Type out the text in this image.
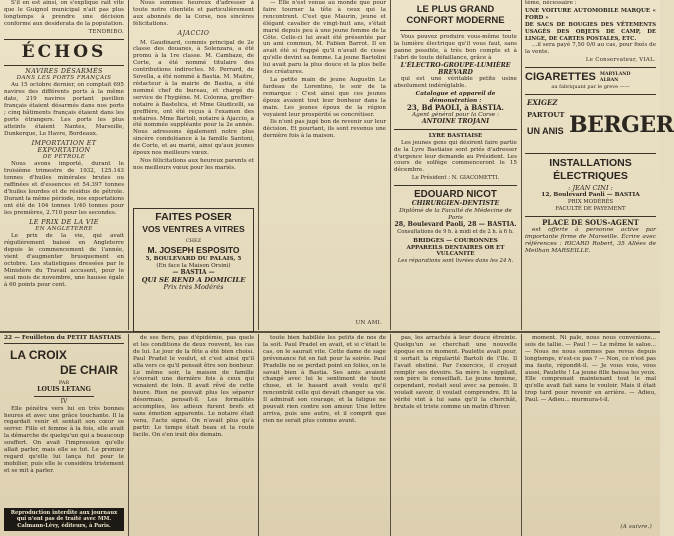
S'il en est ainsi, on s'explique rait vite que le Guignol municipal n'ait pas plus longtemps à prendre une décision conforme aux desiderata de la population.

TENDRIBO.
ÉCHOS
NAVIRES DÉSARMÉS
DANS LES PORTS FRANÇAIS

Au 15 octobre dernier, on comptait 695 navires des différents ports à la même date, 219 navires portant pavillon français étaient désarmés dans nos ports ; cinq bâtiments français étaient dans les ports étrangers. Les ports les plus atteints étaient Nantes, Marseille, Dunkerque, Le Havre, Bordeaux.

IMPORTATION ET EXPORTATION
DE PÉTROLE

Nous avons importé, durant le troisième trimestre de 1932, 125.143 tonnes d'huiles minérales brutes ou raffinées et d'essences et 54.397 tonnes d'huiles lourdes et de résidus de pétrole. Durant la même période, nos exportations ont été de 104 tonnes 1/40 tonnes pour les premières, 2.710 pour les secondes.

LE PRIX DE LA VIE
EN ANGLETERRE

Le prix de la vie, qui avait régulièrement baissé en Angleterre depuis le commencement de l'année, vient d'augmenter brusquement en octobre. Les statistiques dressées par le Ministère du Travail accusent, pour le seul mois de novembre, une hausse égale à 60 points pour cent.

Nous sommes heureux d'adresser à toute notre clientèle et particulièrement aux abonnés de la Corse, nos sincères félicitations.

AJACCIO

M. Gaudinard, commis principal de 2e classe des douanes, à Solenzara, a été promu à la 1re classe. M. Cambaze, de Corte, a été nommé titulaire des contributions indirectes. M. Perrard, de Sovella, a été nommé à Bastia. M. Maitre, rédacteur à la mairie de Bastia, a été nommé chef du bureau, et chargé du service de l'hygiène. M. Colonna, greffier-notaire à Bastelica, et Mme Giudicelli, sa greffière, ont été reçus à l'examen des notaires. Mme Bartoli, notaire à Ajaccio, a été nommée suppléante pour la 2e année. Nous adressons également notre plus sincère condoléance à la famille Santoni, de Corte, et au marié, ainsi qu'aux jeunes époux nos meilleurs vœux.

Nos félicitations aux heureux parents et nos meilleurs vœux pour les mariés.

FAITES POSER
VOS VENTRES A VITRES
CHEZ
M. JOSEPH ESPOSITO
5, BOULEVARD DU PALAIS, 5
(En face la Maison Orsini)
— BASTIA —
QUI SE REND A DOMICILE
Prix très Modérés

— Elle n'est venue au monde que pour faire tourner la tête à ceux qui la rencontrent. C'est que Maurin, jeune et élégant cavalier de vingt-huit ans, s'était marié depuis peu à une jeune femme de la Côte. Celle-ci lui avait été présentée par un ami commun, M. Fabien Barrot. Il en avait été si frappé qu'il n'avait de cesse qu'elle devint sa femme. La jeune Bartolini lui avait paru la plus douce et la plus belle des créatures.

La petite main de jeune Augustin Le fardeau de Lorentino, le soir de la remarque : C'est ainsi que ces jeunes époux avaient tout leur bonheur dans la main. Les jeunes époux de la région voyaient leur prospérité se concrétiser.

Ils n'ont pas jugé bon de revenir sur leur décision. Et pourtant, ils sont revenus une dernière fois à la maison.

UN AMI.
LE PLUS GRAND
CONFORT MODERNE

Vous pouvez produire vous-même toute la lumière électrique qu'il vous faut, sans panne possible, à très bon compte et à l'abri de toute défaillance, grâce à

L'ÉLECTRO-GROUPE-LUMIÈRE BREVARD

qui est une véritable petite usine absolument indéréglable.

Catalogue et appareil de démonstration :
23, Bd PAOLI, à BASTIA.
Agent général pour la Corse :
ANTOINE TROJANI
LYRE BASTIAISE

Les jeunes gens qui désirent faire partie de la Lyre Bastiaise sont priés d'adresser d'urgence leur demande au Président. Les cours de solfège commenceront le 15 décembre.

Le Président : N. GIACOMETTI.
EDOUARD NICOT
CHIRURGIEN-DENTISTE
Diplômé de la Faculté de Médecine de Paris
28, Boulevard Paoli, 28 — BASTIA.
Consultations de 9 h. à midi et de 2 h. à 6 h.
BRIDGES — COURONNES
APPAREILS DENTAIRES OR ET VULCANITE
Les réparations sont livrées dans les 24 h.

tème, nécessaire :

UNE VOITURE AUTOMOBILE MARQUE « FORD »
DE SACS DE BOUGIES DES VÊTEMENTS USAGÉS DES OBJETS DE CAMP, DE LINGE, DE CARTES POSTALES, ETC.

...il sera payé 7,50 0/0 au cas, pour fixés de la vente.

Le Conservateur, VIAL.
CIGARETTES MARYLAND
ALBAN
au fabriquant par le greve ——
EXIGEZ
PARTOUT
UN ANIS BERGER
INSTALLATIONS
ÉLECTRIQUES
: JEAN CINI :
12, Boulevard Paoli — BASTIA
PRIX MODÉRÉS
FACULTÉ DE PAYEMENT
PLACE DE SOUS-AGENT

est offerte à personne active par importante firme de Marseille. Écrire avec références : RICARD Robert, 35 Allées de Meilhan MARSEILLE.

22 — Feuilleton du PETIT BASTIAIS
LA CROIX
DE CHAIR
PAR
LOUIS LETANG
IV

Elle pénétra vers lui en très bonnes heures et avec une grâce touchante. Il la regardait venir et sentait son cœur se serrer. Fille et femme à la fois, elle avait la démarche de quelqu'un qui a beaucoup souffert. On avait l'impression qu'elle allait parler, mais elle se tut. Le premier regard qu'elle lui lança fut pour le mobilier, puis elle le considéra tristement et se mit à parler.

Reproduction interdite aux journaux qui n'ont pas de traité avec MM. Calmann-Lévy, éditeurs, à Paris.

de ses fiers, pas d'épidémie, pas quels et les conditions de deux rouvent, les cas de lui. Le jour de la fête a été bien choisi. Paul Pradel le voulut, et c'est ainsi qu'il alla vers ce qu'il pensait être son bonheur. Le même soir, la maison de famille s'ouvrait une dernière fois à ceux qui venaient de loin. Il avait rêvé de cette heure. Rien ne pouvait plus les séparer désormais, pensait-il. Les formalités accomplies, les adieux furent brefs et sans émotion apparente. Le notaire était venu, l'acte signé. On n'avait plus qu'à partir. Le temps était beau et la route facile. On s'en irait dès demain.

toute bien habillée les petits de nos de la soit. Paul Pradel en avait, et si c'était le cas, on le saurait vite. Cette dame de sage prévenance fut en fait pour la soirée. Paul Pradelle ne se perdait point en folies, on le savait bien à Bastia. Ses amis avaient changé avec lui le sentiment de toute chose, et le hasard avait voulu qu'il rencontrât celle qui devait changer sa vie. Il admirait son courage, et la fatigue ne pouvait rien contre son amour. Une lettre arriva, puis une autre, et il comprit que rien ne serait plus comme avant.

pas, les arrachés à leur douce étreinte. Quelqu'un se cherchait une nouvelle époque en ce moment. Paulette avait pour, il sortait la régularité Bartoli de l'Ile. Il l'avait obstiné. Par l'exercice, il croyait remplir ses devoirs. Sa mère le suppliait, son père le conseillait. Le jeune homme, cependant, restait seul avec sa pensée. Il voulait savoir, il voulait comprendre. Et la vérité vint à lui sans qu'il la cherchât, brutale et triste comme un matin d'hiver.

moment. Ni pale, nous nous convenions... sois de tallie. — Paul ! — Le même le salue... — Nous ne nous sommes pas revus depuis longtemps, n'est-ce pas ? — Non, ce n'est pas ma faute, répondit-il. — Je vous vois, vous aussi, Paulette ! La jeune fille baissa les yeux. Elle comprenait maintenant tout le mal qu'elle avait fait sans le vouloir. Mais il était trop tard pour revenir en arrière. — Adieu, Paul. — Adieu... murmura-t-il.

(A suivre.)
